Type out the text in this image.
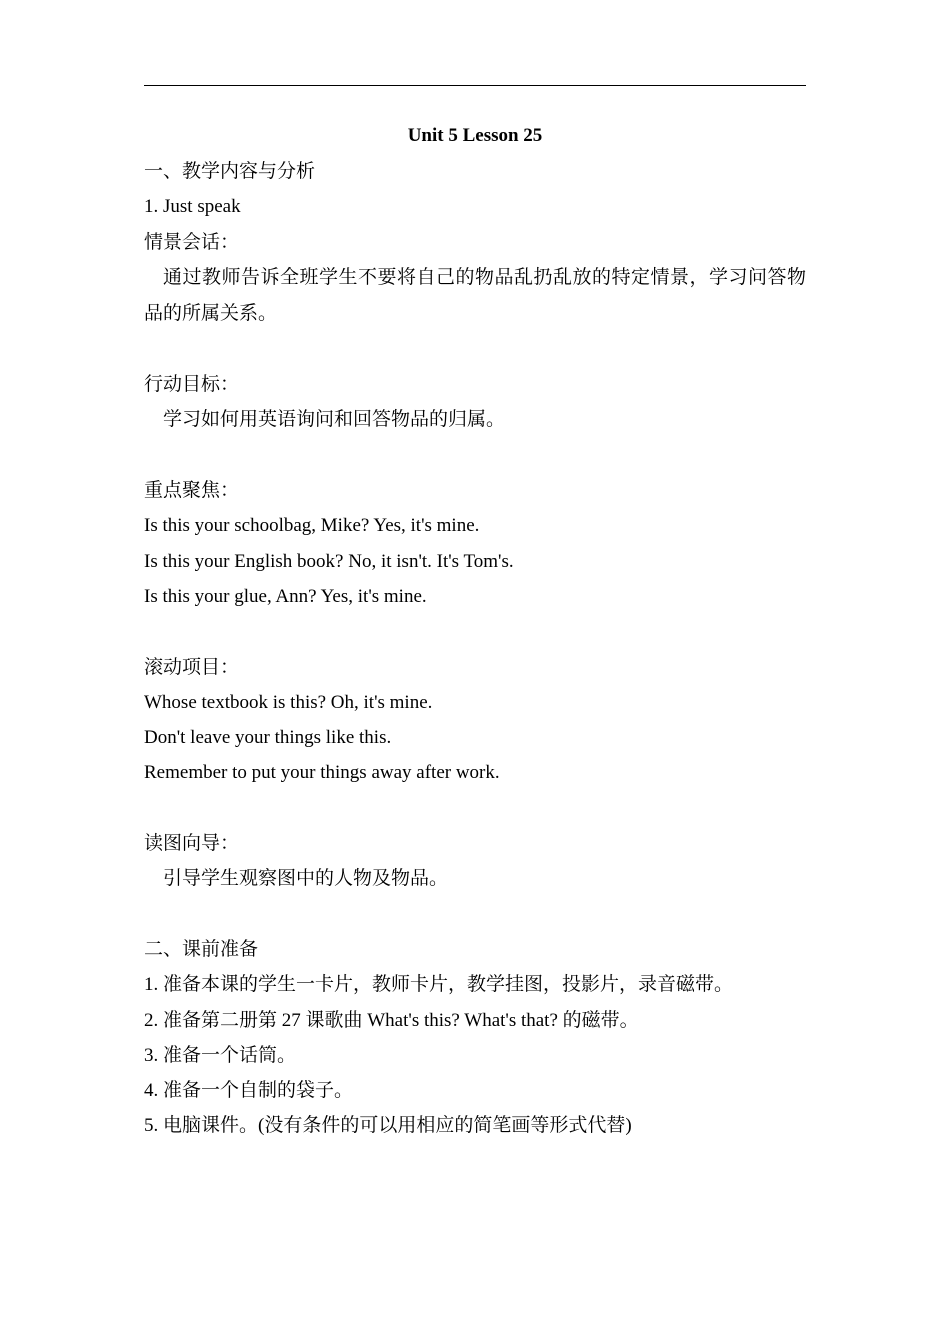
Unit 5 Lesson 25
一、教学内容与分析
1. Just speak
情景会话：
通过教师告诉全班学生不要将自己的物品乱扔乱放的特定情景，学习问答物品的所属关系。
行动目标：
学习如何用英语询问和回答物品的归属。
重点聚焦：
Is this your schoolbag, Mike? Yes, it's mine.
Is this your English book? No, it isn't. It's Tom's.
Is this your glue, Ann? Yes, it's mine.
滚动项目：
Whose textbook is this? Oh, it's mine.
Don't leave your things like this.
Remember to put your things away after work.
读图向导：
引导学生观察图中的人物及物品。
二、课前准备
1. 准备本课的学生一卡片，教师卡片，教学挂图，投影片，录音磁带。
2. 准备第二册第 27 课歌曲 What's this? What's that? 的磁带。
3. 准备一个话筒。
4. 准备一个自制的袋子。
5. 电脑课件。(没有条件的可以用相应的简笔画等形式代替)
